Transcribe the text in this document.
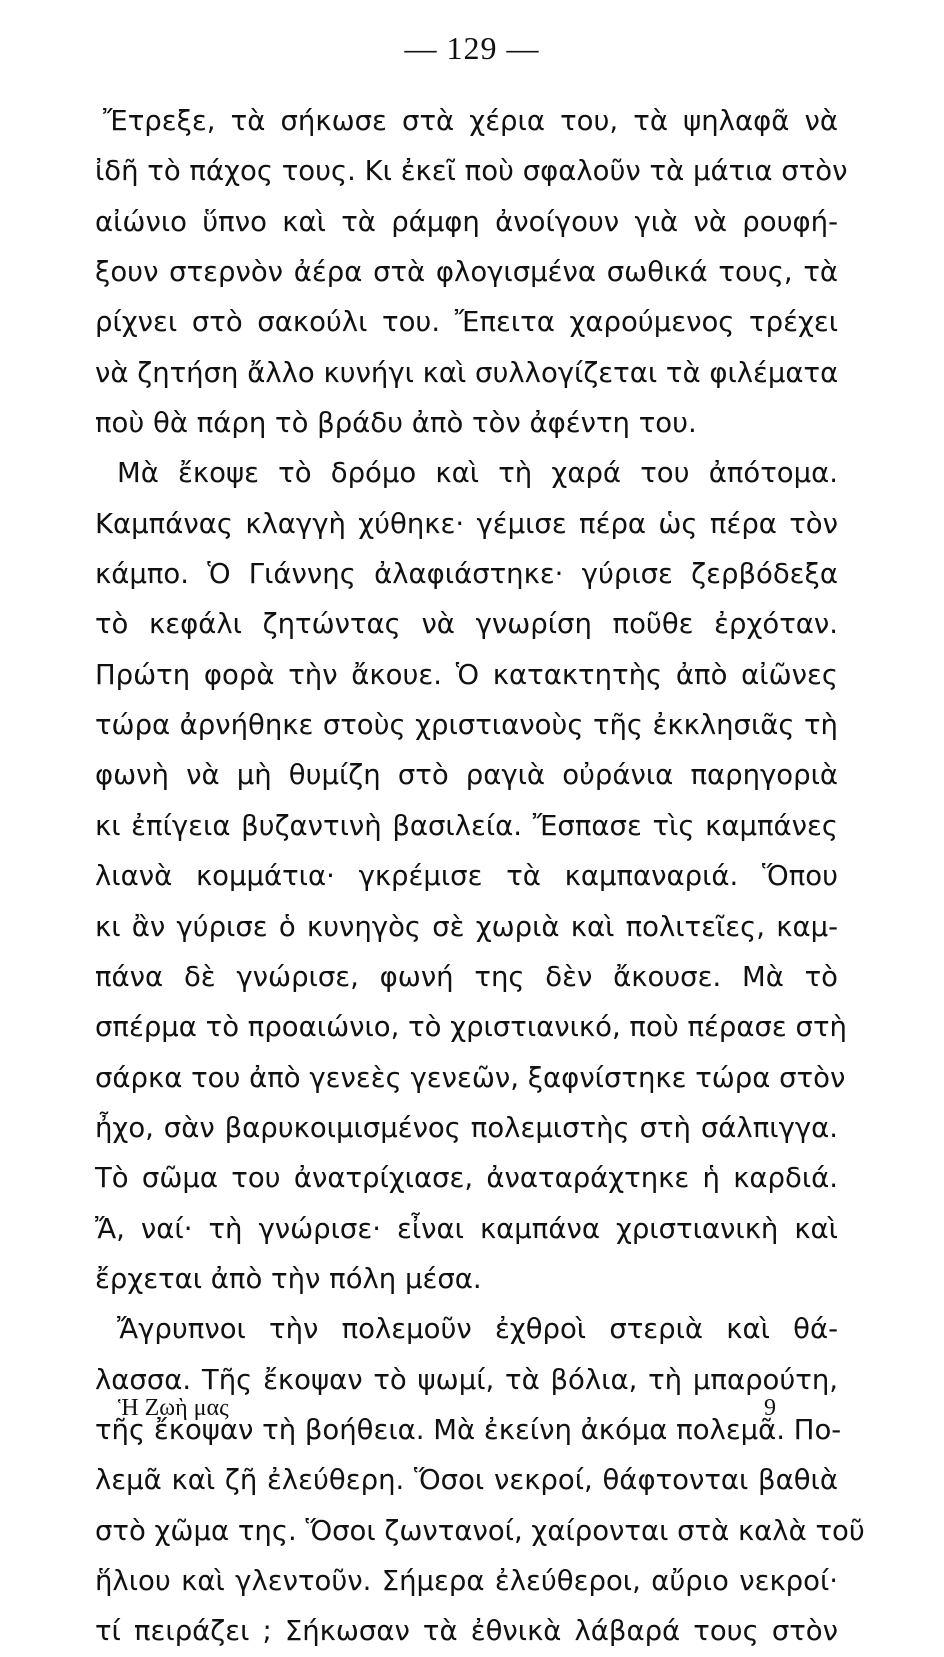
— 129 —
Ἔτρεξε, τὰ σήκωσε στὰ χέρια του, τὰ ψηλαφᾶ νὰ
ἰδῆ τὸ πάχος τους. Κι ἐκεῖ ποὺ σφαλοῦν τὰ μάτια στὸν
αἰώνιο ὕπνο καὶ τὰ ράμφη ἀνοίγουν γιὰ νὰ ρουφή-
ξουν στερνὸν ἀέρα στὰ φλογισμένα σωθικά τους, τὰ
ρίχνει στὸ σακούλι του. Ἔπειτα χαρούμενος τρέχει
νὰ ζητήση ἄλλο κυνήγι καὶ συλλογίζεται τὰ φιλέματα
ποὺ θὰ πάρη τὸ βράδυ ἀπὸ τὸν ἀφέντη του.
Μὰ ἔκοψε τὸ δρόμο καὶ τὴ χαρά του ἀπότομα.
Καμπάνας κλαγγὴ χύθηκε· γέμισε πέρα ὡς πέρα τὸν
κάμπο. Ὁ Γιάννης ἀλαφιάστηκε· γύρισε ζερβόδεξα
τὸ κεφάλι ζητώντας νὰ γνωρίση ποῦθε ἐρχόταν.
Πρώτη φορὰ τὴν ἄκουε. Ὁ κατακτητὴς ἀπὸ αἰῶνες
τώρα ἀρνήθηκε στοὺς χριστιανοὺς τῆς ἐκκλησιᾶς τὴ
φωνὴ νὰ μὴ θυμίζη στὸ ραγιὰ οὐράνια παρηγοριὰ
κι ἐπίγεια βυζαντινὴ βασιλεία. Ἔσπασε τὶς καμπάνες
λιανὰ κομμάτια· γκρέμισε τὰ καμπαναριά. Ὅπου
κι ἂν γύρισε ὁ κυνηγὸς σὲ χωριὰ καὶ πολιτεῖες, καμ-
πάνα δὲ γνώρισε, φωνή της δὲν ἄκουσε. Μὰ τὸ
σπέρμα τὸ προαιώνιο, τὸ χριστιανικό, ποὺ πέρασε στὴ
σάρκα του ἀπὸ γενεὲς γενεῶν, ξαφνίστηκε τώρα στὸν
ἦχο, σὰν βαρυκοιμισμένος πολεμιστὴς στὴ σάλπιγγα.
Τὸ σῶμα του ἀνατρίχιασε, ἀναταράχτηκε ἡ καρδιά.
Ἄ, ναί· τὴ γνώρισε· εἶναι καμπάνα χριστιανικὴ καὶ
ἔρχεται ἀπὸ τὴν πόλη μέσα.
Ἄγρυπνοι τὴν πολεμοῦν ἐχθροὶ στεριὰ καὶ θά-
λασσα. Τῆς ἔκοψαν τὸ ψωμί, τὰ βόλια, τὴ μπαρούτη,
τῆς ἔκοψαν τὴ βοήθεια. Μὰ ἐκείνη ἀκόμα πολεμᾶ. Πο-
λεμᾶ καὶ ζῆ ἐλεύθερη. Ὅσοι νεκροί, θάφτονται βαθιὰ
στὸ χῶμα της. Ὅσοι ζωντανοί, χαίρονται στὰ καλὰ τοῦ
ἥλιου καὶ γλεντοῦν. Σήμερα ἐλεύθεροι, αὔριο νεκροί·
τί πειράζει ; Σήκωσαν τὰ ἐθνικὰ λάβαρά τους στὸν
Ἡ Ζωὴ μας	9
